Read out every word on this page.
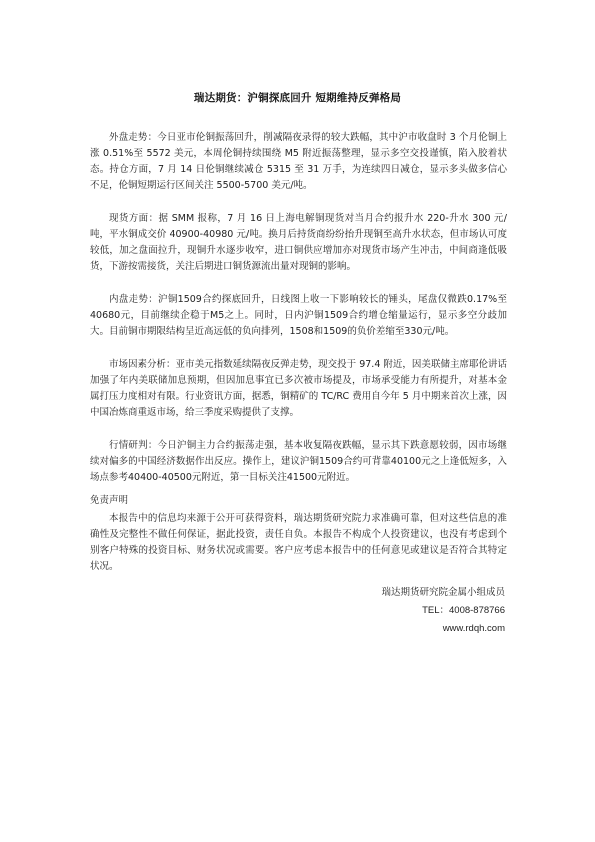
瑞达期货：沪铜探底回升 短期维持反弹格局

外盘走势：今日亚市伦铜振荡回升，削减隔夜录得的较大跌幅，其中沪市收盘时 3 个月伦铜上涨 0.51%至 5572 美元，本周伦铜持续围绕 M5 附近振荡整理，显示多空交投谨慎，陷入胶着状态。持仓方面，7 月 14 日伦铜继续减仓 5315 至 31 万手，为连续四日减仓，显示多头做多信心不足，伦铜短期运行区间关注 5500-5700 美元/吨。

现货方面：据 SMM 报称，7 月 16 日上海电解铜现货对当月合约报升水 220-升水 300 元/吨，平水铜成交价 40900-40980 元/吨。换月后持货商纷纷抬升现铜至高升水状态，但市场认可度较低，加之盘面拉升，现铜升水逐步收窄，进口铜供应增加亦对现货市场产生冲击，中间商逢低吸货，下游按需接货，关注后期进口铜货源流出量对现铜的影响。

内盘走势：沪铜1509合约探底回升，日线图上收一下影响较长的锤头，尾盘仅微跌0.17%至40680元，目前继续企稳于M5之上。同时，日内沪铜1509合约增仓缩量运行，显示多空分歧加大。目前铜市期限结构呈近高远低的负向排列，1508和1509的负价差缩至330元/吨。

市场因素分析：亚市美元指数延续隔夜反弹走势，现交投于 97.4 附近，因美联储主席耶伦讲话加强了年内美联储加息预期，但因加息事宜已多次被市场提及，市场承受能力有所提升，对基本金属打压力度相对有限。行业资讯方面，据悉，铜精矿的 TC/RC 费用自今年 5 月中期来首次上涨，因中国冶炼商重返市场，给三季度采购提供了支撑。

行情研判：今日沪铜主力合约振荡走强，基本收复隔夜跌幅，显示其下跌意愿较弱，因市场继续对偏多的中国经济数据作出反应。操作上，建议沪铜1509合约可背靠40100元之上逢低短多，入场点参考40400-40500元附近，第一目标关注41500元附近。

免责声明

本报告中的信息均来源于公开可获得资料，瑞达期货研究院力求准确可靠，但对这些信息的准确性及完整性不做任何保证，据此投资，责任自负。本报告不构成个人投资建议，也没有考虑到个别客户特殊的投资目标、财务状况或需要。客户应考虑本报告中的任何意见或建议是否符合其特定状况。

瑞达期货研究院金属小组成员
TEL：4008-878766
www.rdqh.com
